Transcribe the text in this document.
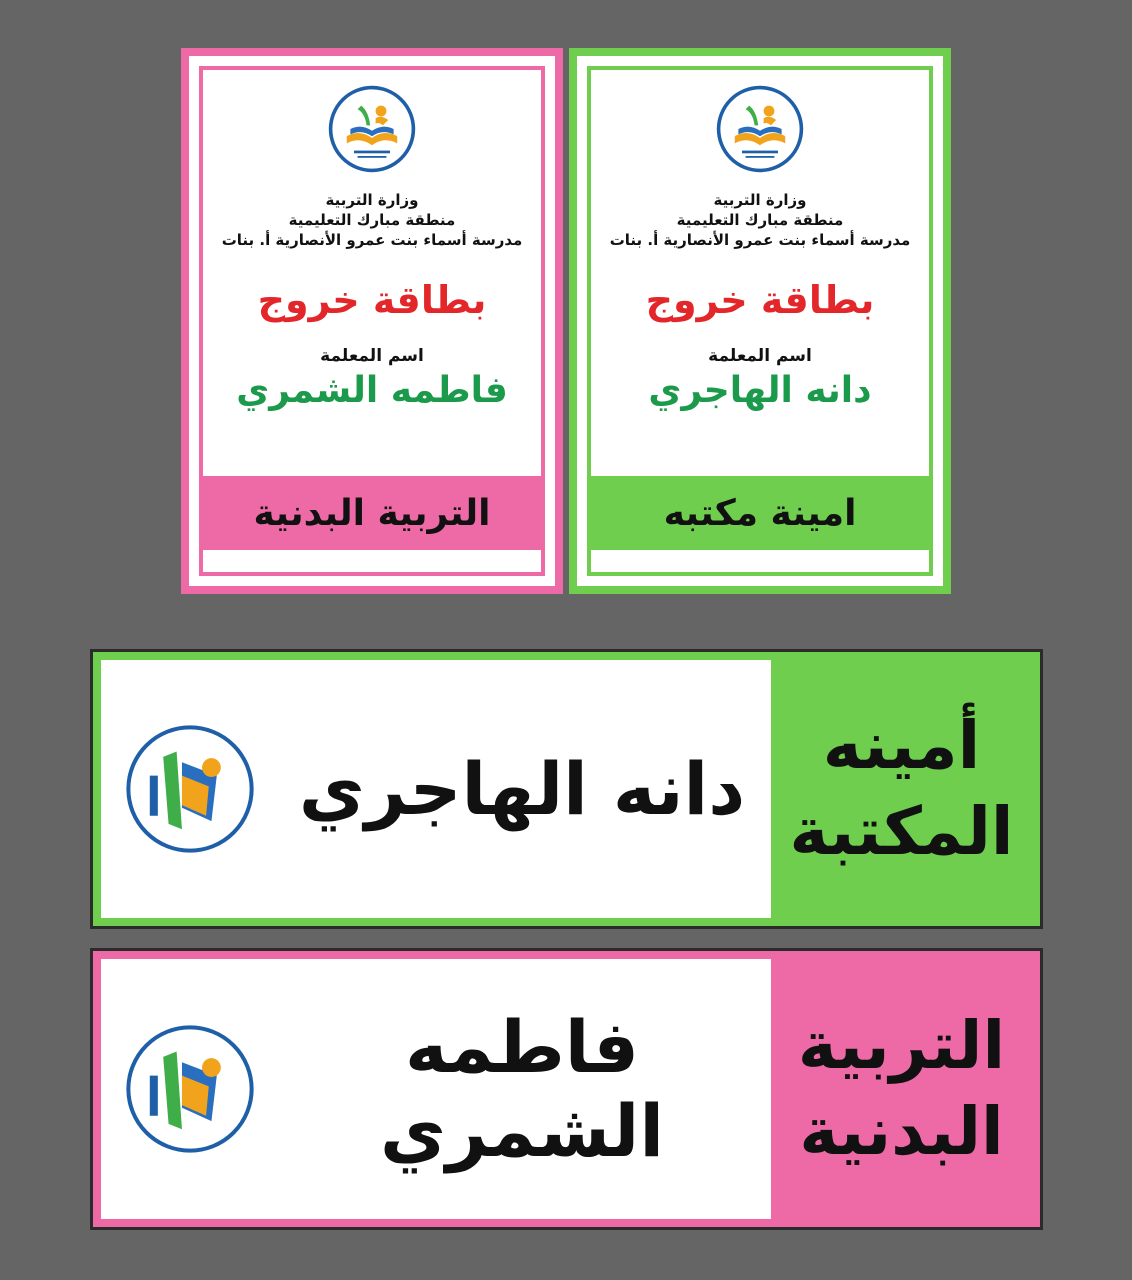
وزارة التربية
منطقة مبارك التعليمية
مدرسة أسماء بنت عمرو الأنصارية أ. بنات
بطاقة خروج
اسم المعلمة
فاطمه الشمري
التربية البدنية
وزارة التربية
منطقة مبارك التعليمية
مدرسة أسماء بنت عمرو الأنصارية أ. بنات
بطاقة خروج
اسم المعلمة
دانه الهاجري
امينة مكتبه
دانه الهاجري
أمينه
المكتبة
فاطمه الشمري
التربية
البدنية
